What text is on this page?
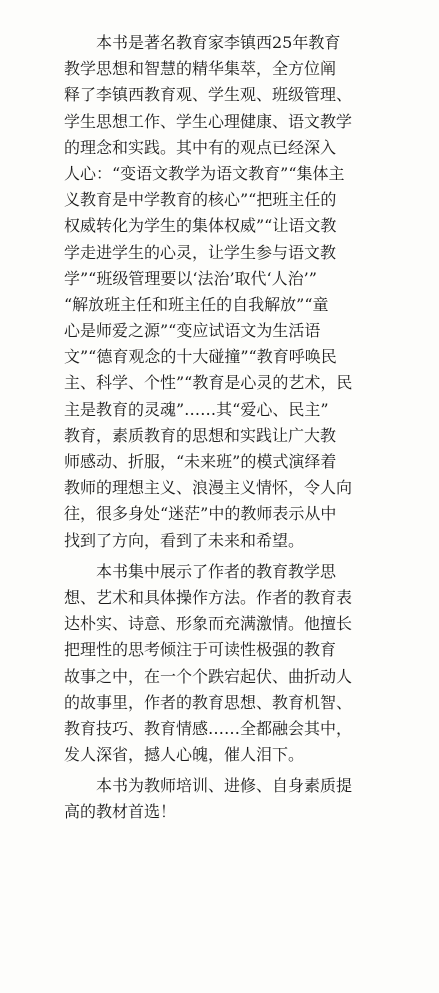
本书是著名教育家李镇西25年教育
教学思想和智慧的精华集萃，全方位阐
释了李镇西教育观、学生观、班级管理、
学生思想工作、学生心理健康、语文教学
的理念和实践。其中有的观点已经深入
人心：“变语文教学为语文教育”“集体主
义教育是中学教育的核心”“把班主任的
权威转化为学生的集体权威”“让语文教
学走进学生的心灵，让学生参与语文教
学”“班级管理要以‘法治’取代‘人治’”
“解放班主任和班主任的自我解放”“童
心是师爱之源”“变应试语文为生活语
文”“德育观念的十大碰撞”“教育呼唤民
主、科学、个性”“教育是心灵的艺术，民
主是教育的灵魂”……其“爱心、民主”
教育，素质教育的思想和实践让广大教
师感动、折服，“未来班”的模式演绎着
教师的理想主义、浪漫主义情怀，令人向
往，很多身处“迷茫”中的教师表示从中
找到了方向，看到了未来和希望。
本书集中展示了作者的教育教学思
想、艺术和具体操作方法。作者的教育表
达朴实、诗意、形象而充满激情。他擅长
把理性的思考倾注于可读性极强的教育
故事之中，在一个个跌宕起伏、曲折动人
的故事里，作者的教育思想、教育机智、
教育技巧、教育情感……全都融会其中，
发人深省，撼人心魄，催人泪下。
本书为教师培训、进修、自身素质提
高的教材首选！
